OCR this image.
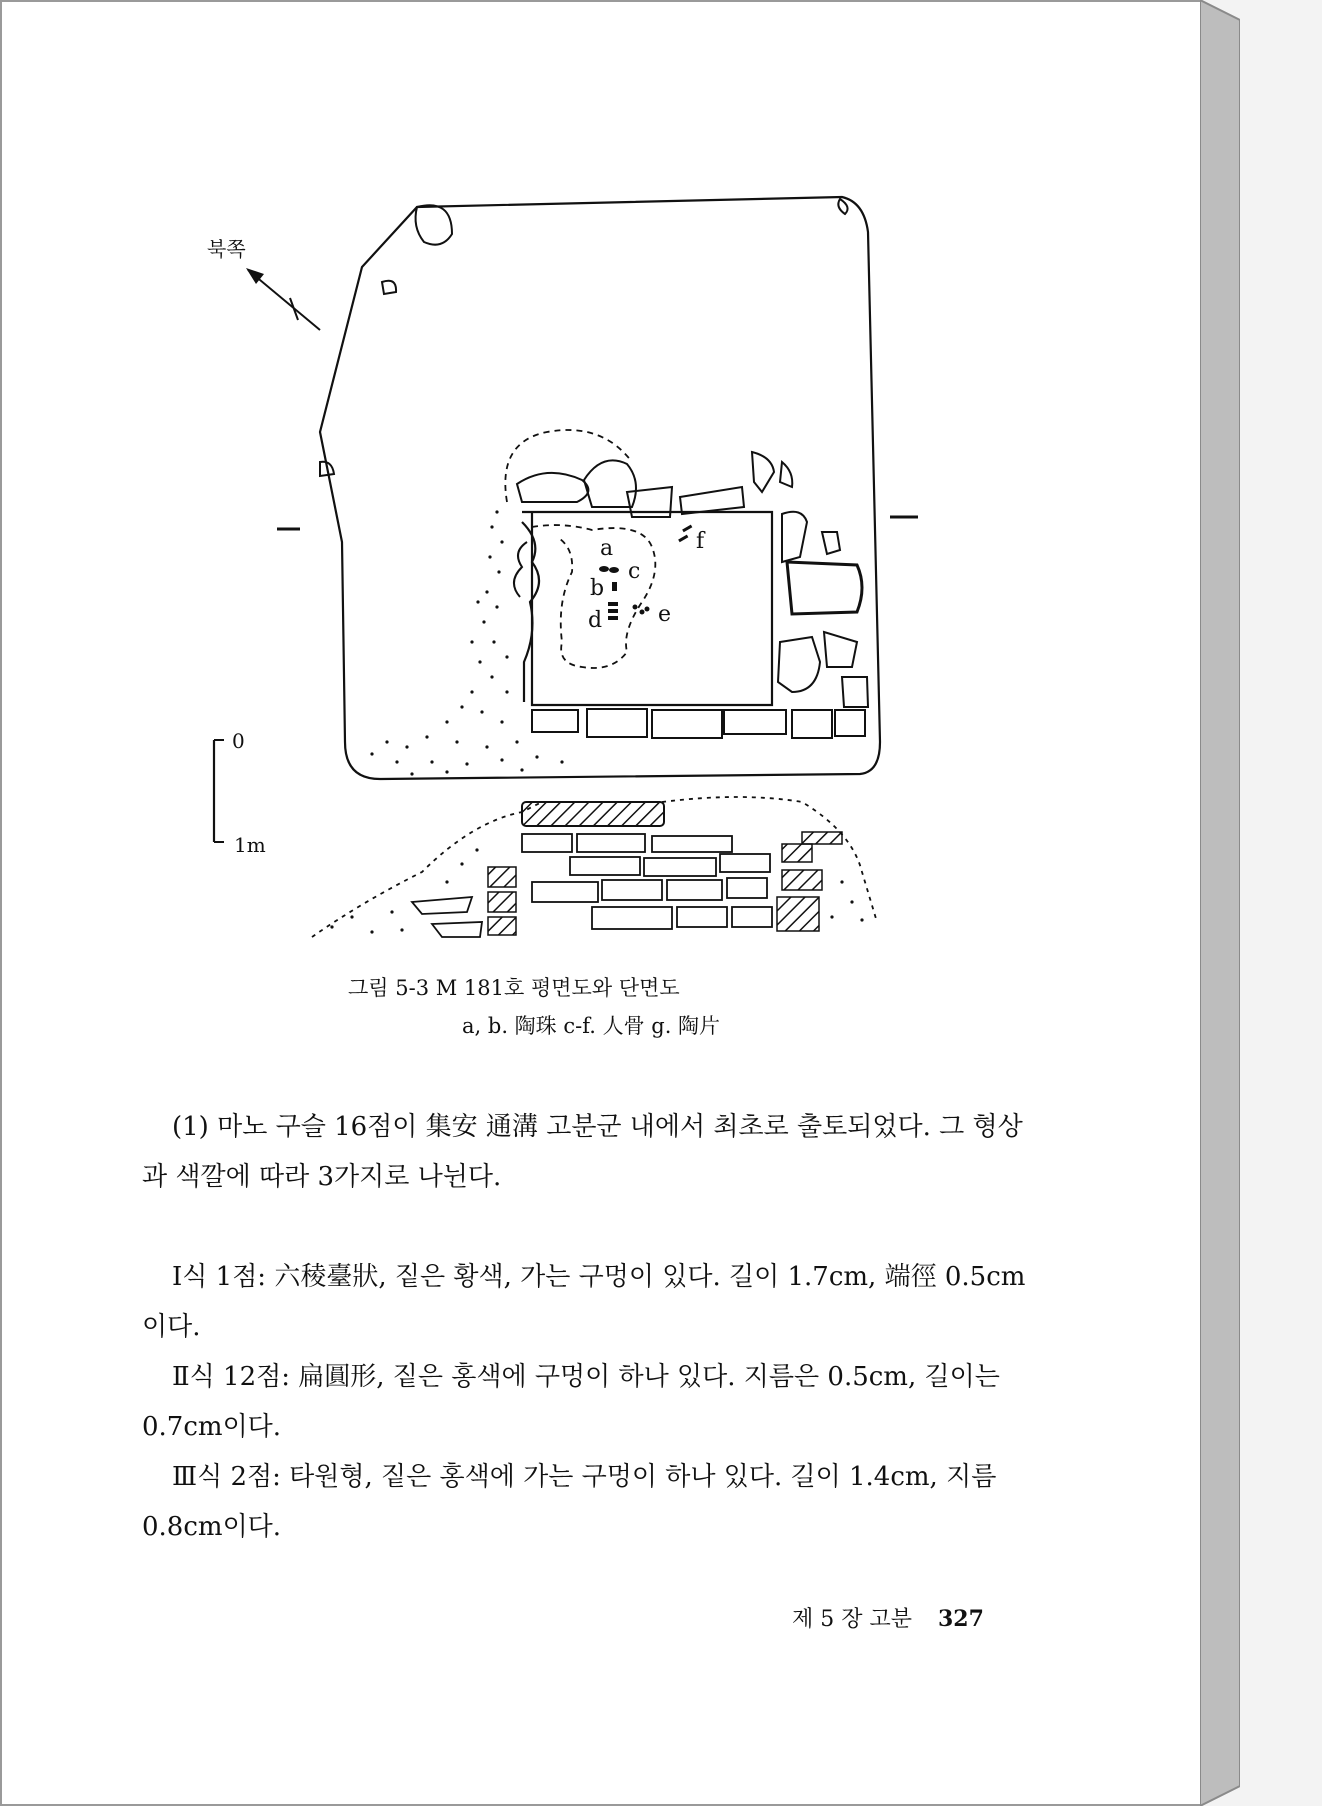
북쪽
a
b
c
d	e
f
0
1m
그림 5-3 M 181호 평면도와 단면도
a, b. 陶珠 c-f. 人骨 g. 陶片
(1) 마노 구슬 16점이 集安 通溝 고분군 내에서 최초로 출토되었다. 그 형상과 색깔에 따라 3가지로 나뉜다.
Ⅰ식 1점: 六稜臺狀, 짙은 황색, 가는 구멍이 있다. 길이 1.7cm, 端徑 0.5cm이다.
Ⅱ식 12점: 扁圓形, 짙은 홍색에 구멍이 하나 있다. 지름은 0.5cm, 길이는 0.7cm이다.
Ⅲ식 2점: 타원형, 짙은 홍색에 가는 구멍이 하나 있다. 길이 1.4cm, 지름 0.8cm이다.
제 5 장 고분 327
